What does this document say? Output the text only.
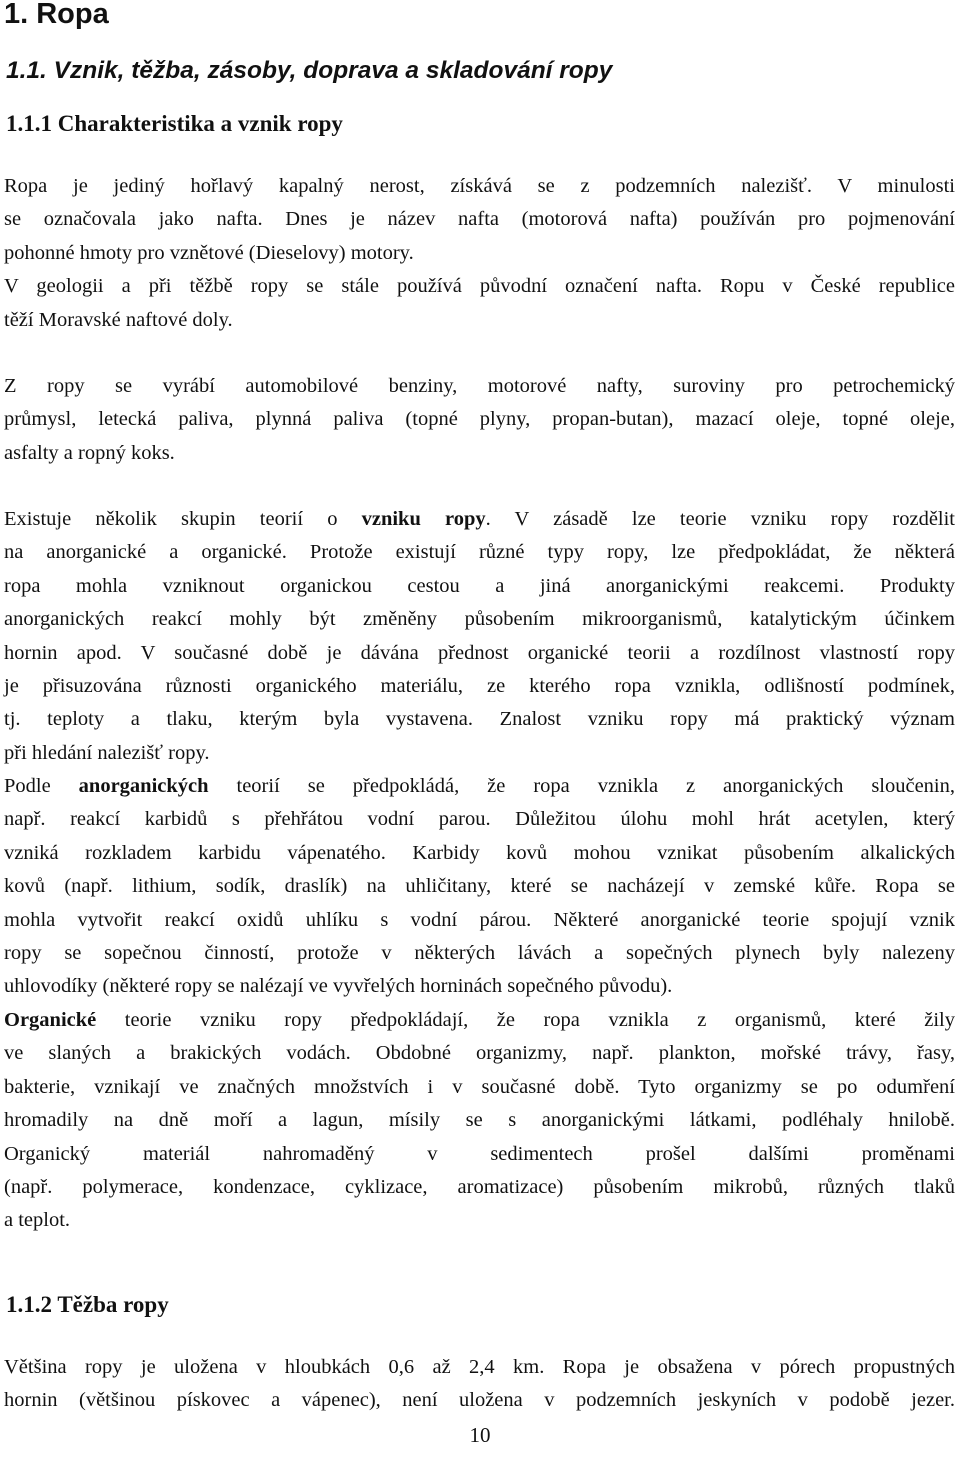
1. Ropa
1.1. Vznik, těžba, zásoby, doprava a skladování ropy
1.1.1 Charakteristika a vznik ropy
Ropa je jediný hořlavý kapalný nerost, získává se z podzemních nalezišť. V minulosti
se označovala jako nafta. Dnes je název nafta (motorová nafta) používán pro pojmenování
pohonné hmoty pro vznětové (Dieselovy) motory.
V geologii a při těžbě ropy se stále používá původní označení nafta. Ropu v České republice
těží Moravské naftové doly.
Z ropy se vyrábí automobilové benziny, motorové nafty, suroviny pro petrochemický
průmysl, letecká paliva, plynná paliva (topné plyny, propan-butan), mazací oleje, topné oleje,
asfalty a ropný koks.
Existuje několik skupin teorií o vzniku ropy. V zásadě lze teorie vzniku ropy rozdělit
na anorganické a organické. Protože existují různé typy ropy, lze předpokládat, že některá
ropa mohla vzniknout organickou cestou a jiná anorganickými reakcemi. Produkty
anorganických reakcí mohly být změněny působením mikroorganismů, katalytickým účinkem
hornin apod. V současné době je dávána přednost organické teorii a rozdílnost vlastností ropy
je přisuzována různosti organického materiálu, ze kterého ropa vznikla, odlišností podmínek,
tj. teploty a tlaku, kterým byla vystavena. Znalost vzniku ropy má praktický význam
při hledání nalezišť ropy.
Podle anorganických teorií se předpokládá, že ropa vznikla z anorganických sloučenin,
např. reakcí karbidů s přehřátou vodní parou. Důležitou úlohu mohl hrát acetylen, který
vzniká rozkladem karbidu vápenatého. Karbidy kovů mohou vznikat působením alkalických
kovů (např. lithium, sodík, draslík) na uhličitany, které se nacházejí v zemské kůře. Ropa se
mohla vytvořit reakcí oxidů uhlíku s vodní párou. Některé anorganické teorie spojují vznik
ropy se sopečnou činností, protože v některých lávách a sopečných plynech byly nalezeny
uhlovodíky (některé ropy se nalézají ve vyvřelých horninách sopečného původu).
Organické teorie vzniku ropy předpokládají, že ropa vznikla z organismů, které žily
ve slaných a brakických vodách. Obdobné organizmy, např. plankton, mořské trávy, řasy,
bakterie, vznikají ve značných množstvích i v současné době. Tyto organizmy se po odumření
hromadily na dně moří a lagun, mísily se s anorganickými látkami, podléhaly hnilobě.
Organický materiál nahromaděný v sedimentech prošel dalšími proměnami
(např. polymerace, kondenzace, cyklizace, aromatizace) působením mikrobů, různých tlaků
a teplot.
1.1.2 Těžba ropy
Většina ropy je uložena v hloubkách 0,6 až 2,4 km. Ropa je obsažena v pórech propustných
hornin (většinou pískovec a vápenec), není uložena v podzemních jeskyních v podobě jezer.
10
